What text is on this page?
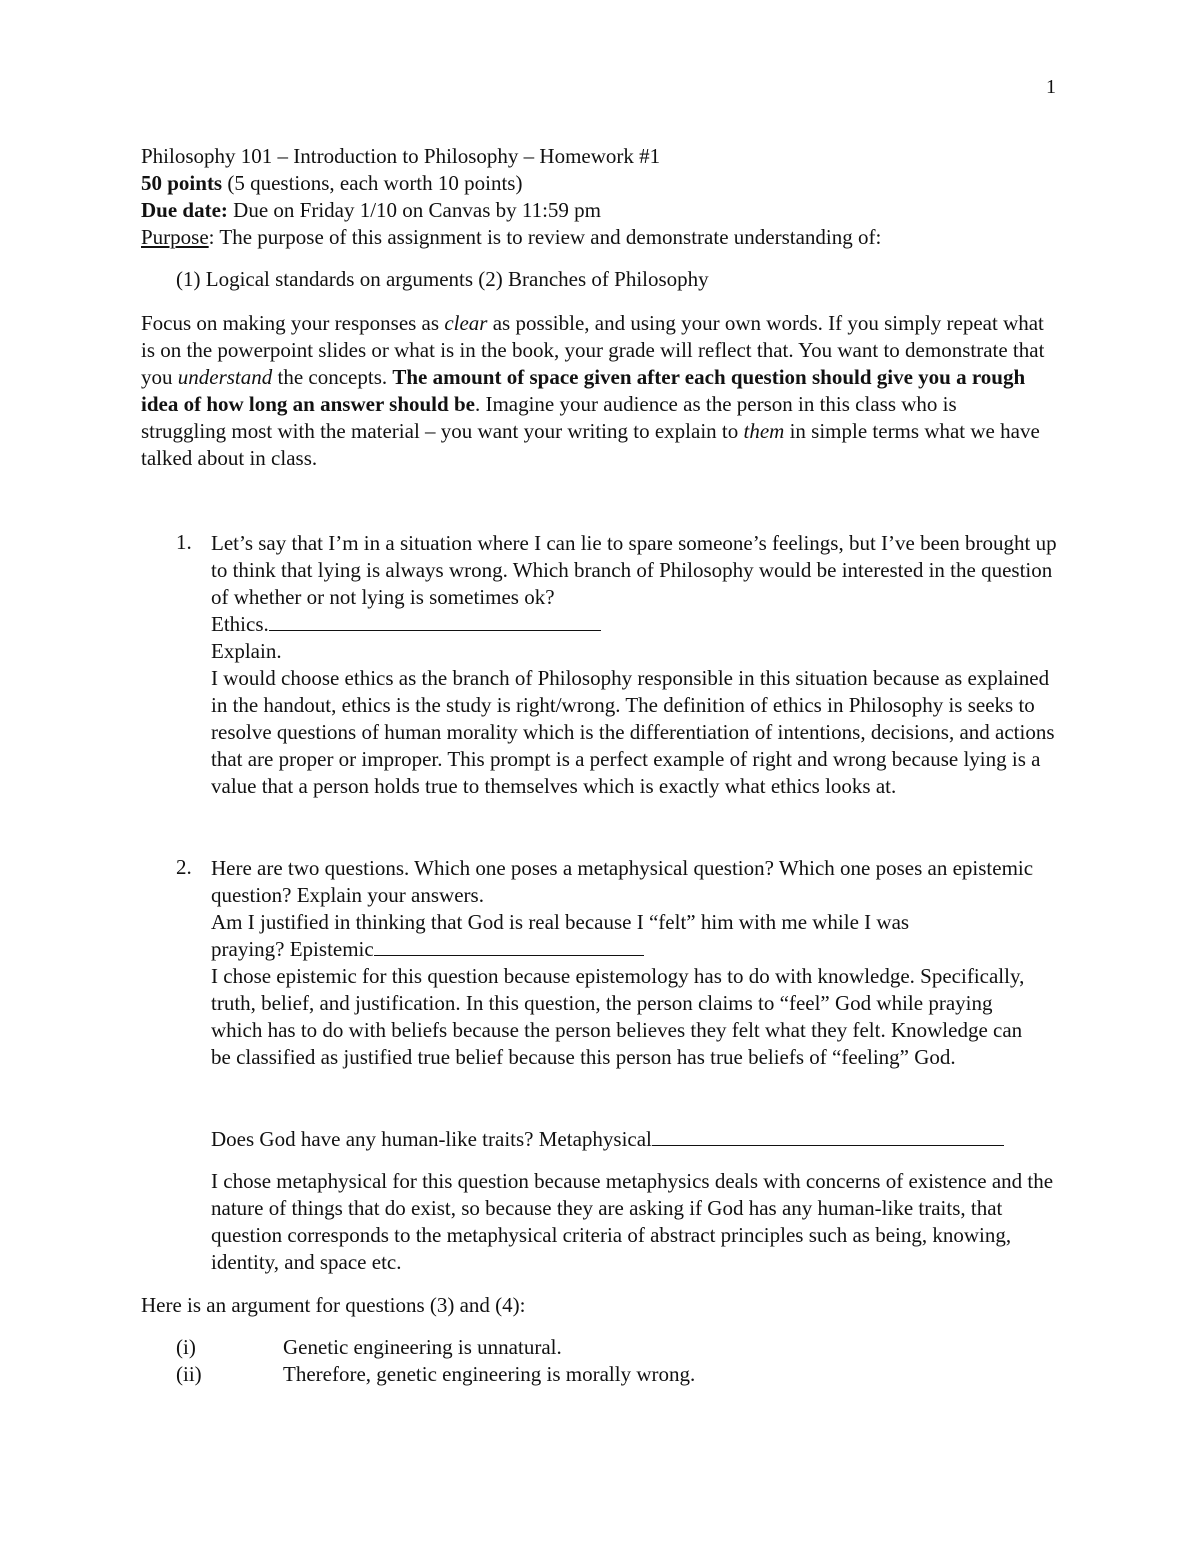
1
Philosophy 101 – Introduction to Philosophy – Homework #1
50 points (5 questions, each worth 10 points)
Due date: Due on Friday 1/10 on Canvas by 11:59 pm
Purpose: The purpose of this assignment is to review and demonstrate understanding of:
(1) Logical standards on arguments (2) Branches of Philosophy
Focus on making your responses as clear as possible, and using your own words. If you simply repeat what is on the powerpoint slides or what is in the book, your grade will reflect that. You want to demonstrate that you understand the concepts. The amount of space given after each question should give you a rough idea of how long an answer should be. Imagine your audience as the person in this class who is struggling most with the material – you want your writing to explain to them in simple terms what we have talked about in class.
1. Let’s say that I’m in a situation where I can lie to spare someone’s feelings, but I’ve been brought up to think that lying is always wrong. Which branch of Philosophy would be interested in the question of whether or not lying is sometimes ok?
Ethics.
Explain.
I would choose ethics as the branch of Philosophy responsible in this situation because as explained in the handout, ethics is the study is right/wrong. The definition of ethics in Philosophy is seeks to resolve questions of human morality which is the differentiation of intentions, decisions, and actions that are proper or improper. This prompt is a perfect example of right and wrong because lying is a value that a person holds true to themselves which is exactly what ethics looks at.
2. Here are two questions. Which one poses a metaphysical question? Which one poses an epistemic question? Explain your answers.
Am I justified in thinking that God is real because I “felt” him with me while I was
praying? Epistemic
I chose epistemic for this question because epistemology has to do with knowledge. Specifically, truth, belief, and justification. In this question, the person claims to “feel” God while praying which has to do with beliefs because the person believes they felt what they felt. Knowledge can be classified as justified true belief because this person has true beliefs of “feeling” God.
Does God have any human-like traits? Metaphysical
I chose metaphysical for this question because metaphysics deals with concerns of existence and the nature of things that do exist, so because they are asking if God has any human-like traits, that question corresponds to the metaphysical criteria of abstract principles such as being, knowing, identity, and space etc.
Here is an argument for questions (3) and (4):
(i)	Genetic engineering is unnatural.
(ii)	Therefore, genetic engineering is morally wrong.
